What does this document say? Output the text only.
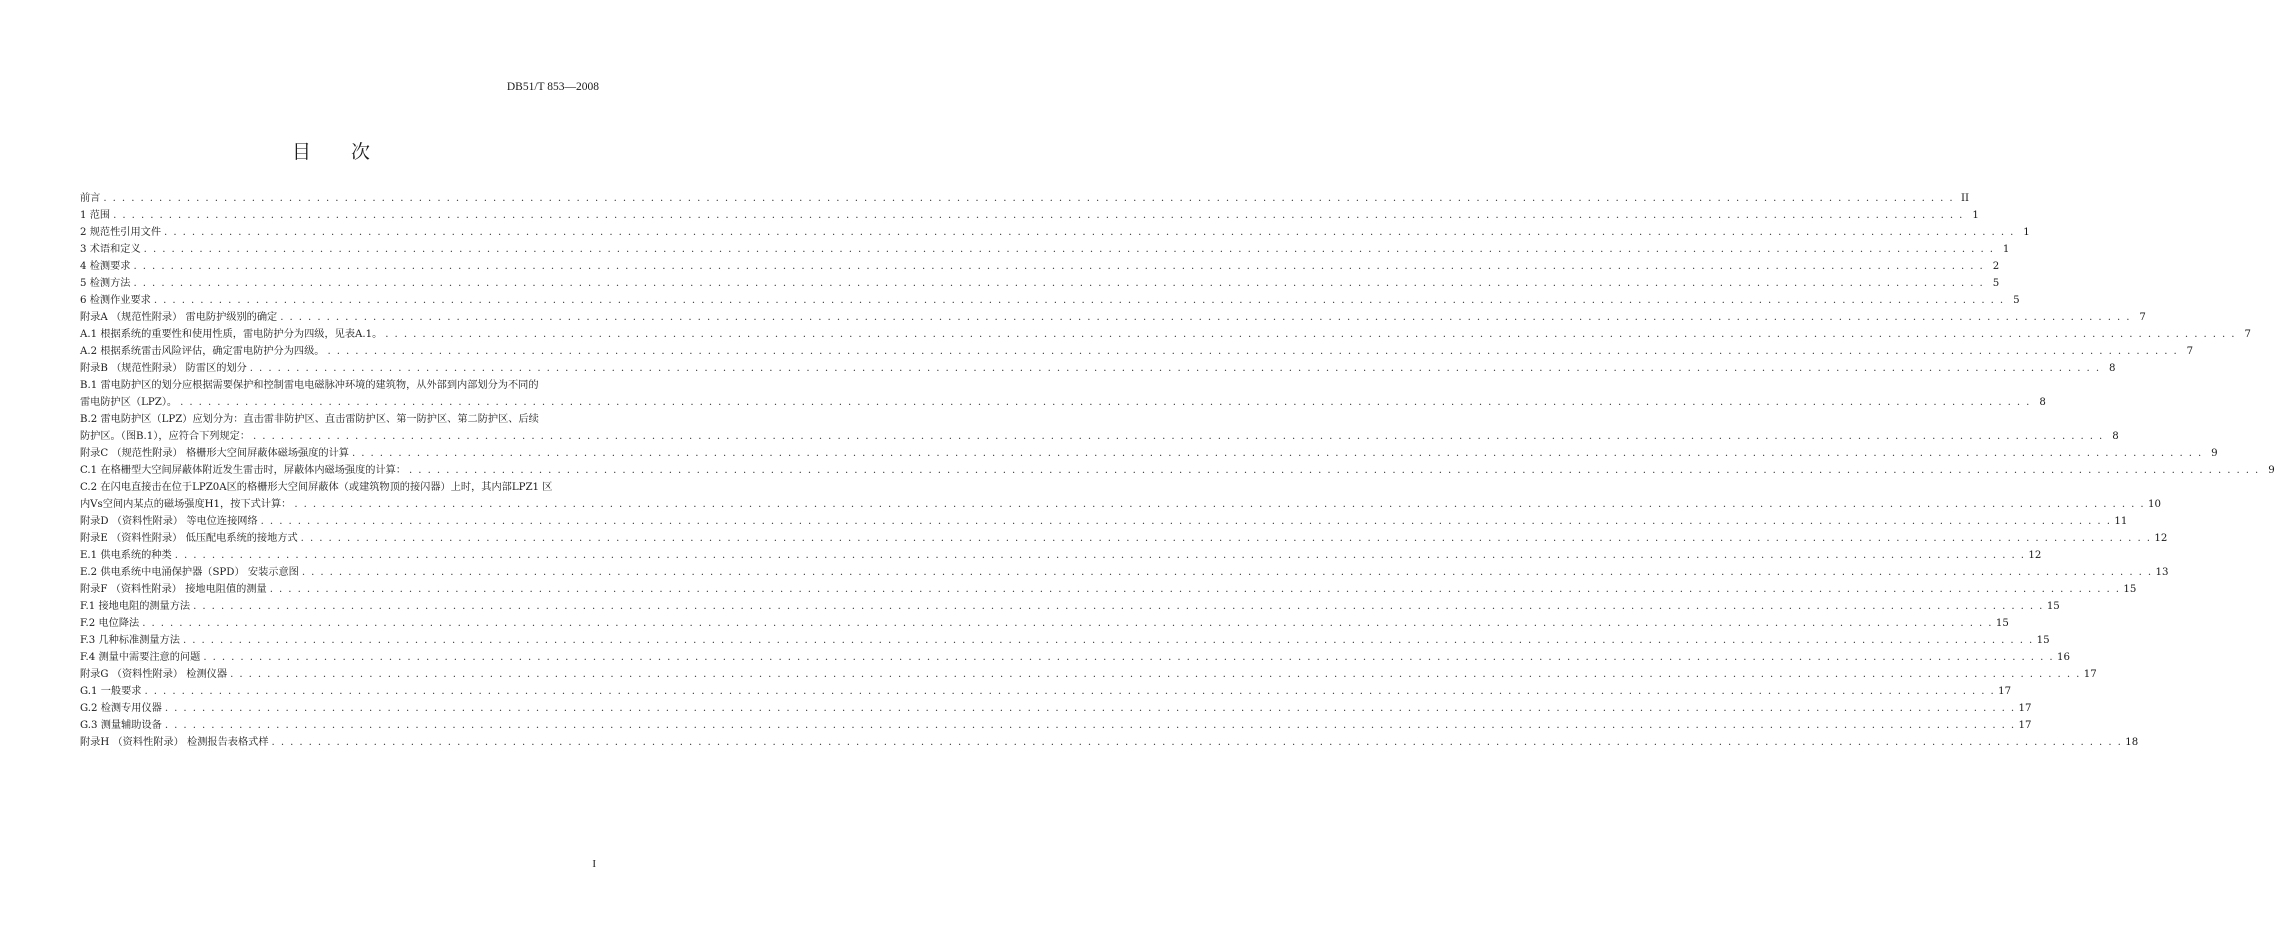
DB51/T 853—2008
目 次
前言 . . . . . . . . . . . . . . . . . . . . . . . . . . . . . . . . . . . . . . . . . . . . . . . . . . . . . . . . . . . . . . . . . . . . . . . . . . . . . . . . . . . . . . . . . . . . . . . . . . . . . . . . . . . . . . . . . . . . . . . . . . . . . . . . . . . . . . . . . . . . . . . . . . . . . . . . . . . . . . . . . . . . . . . . . . . . . . . . . . . . . . . . . . . . . . . . . . . . . . . . II
1 范围 . . . . . . . . . . . . . . . . . . . . . . . . . . . . . . . . . . . . . . . . . . . . . . . . . . . . . . . . . . . . . . . . . . . . . . . . . . . . . . . . . . . . . . . . . . . . . . . . . . . . . . . . . . . . . . . . . . . . . . . . . . . . . . . . . . . . . . . . . . . . . . . . . . . . . . . . . . . . . . . . . . . . . . . . . . . . . . . . . . . . . . . . . . . . . . . . . . . . . . . . 1
2 规范性引用文件 . . . . . . . . . . . . . . . . . . . . . . . . . . . . . . . . . . . . . . . . . . . . . . . . . . . . . . . . . . . . . . . . . . . . . . . . . . . . . . . . . . . . . . . . . . . . . . . . . . . . . . . . . . . . . . . . . . . . . . . . . . . . . . . . . . . . . . . . . . . . . . . . . . . . . . . . . . . . . . . . . . . . . . . . . . . . . . . . . . . . . . . . . . . . . . . . . . . . . . . . 1
3 术语和定义 . . . . . . . . . . . . . . . . . . . . . . . . . . . . . . . . . . . . . . . . . . . . . . . . . . . . . . . . . . . . . . . . . . . . . . . . . . . . . . . . . . . . . . . . . . . . . . . . . . . . . . . . . . . . . . . . . . . . . . . . . . . . . . . . . . . . . . . . . . . . . . . . . . . . . . . . . . . . . . . . . . . . . . . . . . . . . . . . . . . . . . . . . . . . . . . . . . . . . . . . 1
4 检测要求 . . . . . . . . . . . . . . . . . . . . . . . . . . . . . . . . . . . . . . . . . . . . . . . . . . . . . . . . . . . . . . . . . . . . . . . . . . . . . . . . . . . . . . . . . . . . . . . . . . . . . . . . . . . . . . . . . . . . . . . . . . . . . . . . . . . . . . . . . . . . . . . . . . . . . . . . . . . . . . . . . . . . . . . . . . . . . . . . . . . . . . . . . . . . . . . . . . . . . . . . 2
5 检测方法 . . . . . . . . . . . . . . . . . . . . . . . . . . . . . . . . . . . . . . . . . . . . . . . . . . . . . . . . . . . . . . . . . . . . . . . . . . . . . . . . . . . . . . . . . . . . . . . . . . . . . . . . . . . . . . . . . . . . . . . . . . . . . . . . . . . . . . . . . . . . . . . . . . . . . . . . . . . . . . . . . . . . . . . . . . . . . . . . . . . . . . . . . . . . . . . . . . . . . . . . 5
6 检测作业要求 . . . . . . . . . . . . . . . . . . . . . . . . . . . . . . . . . . . . . . . . . . . . . . . . . . . . . . . . . . . . . . . . . . . . . . . . . . . . . . . . . . . . . . . . . . . . . . . . . . . . . . . . . . . . . . . . . . . . . . . . . . . . . . . . . . . . . . . . . . . . . . . . . . . . . . . . . . . . . . . . . . . . . . . . . . . . . . . . . . . . . . . . . . . . . . . . . . . . . . . . 5
附录A （规范性附录） 雷电防护级别的确定 . . . . . . . . . . . . . . . . . . . . . . . . . . . . . . . . . . . . . . . . . . . . . . . . . . . . . . . . . . . . . . . . . . . . . . . . . . . . . . . . . . . . . . . . . . . . . . . . . . . . . . . . . . . . . . . . . . . . . . . . . . . . . . . . . . . . . . . . . . . . . . . . . . . . . . . . . . . . . . . . . . . . . . . . . . . . . . . . . . . . . . . . . . . . . . . . . . . . . . . . 7
A.1 根据系统的重要性和使用性质，雷电防护分为四级，见表A.1。 . . . . . . . . . . . . . . . . . . . . . . . . . . . . . . . . . . . . . . . . . . . . . . . . . . . . . . . . . . . . . . . . . . . . . . . . . . . . . . . . . . . . . . . . . . . . . . . . . . . . . . . . . . . . . . . . . . . . . . . . . . . . . . . . . . . . . . . . . . . . . . . . . . . . . . . . . . . . . . . . . . . . . . . . . . . . . . . . . . . . . . . . . . . . . . . . . . . . . . . . 7
A.2 根据系统雷击风险评估，确定雷电防护分为四级。 . . . . . . . . . . . . . . . . . . . . . . . . . . . . . . . . . . . . . . . . . . . . . . . . . . . . . . . . . . . . . . . . . . . . . . . . . . . . . . . . . . . . . . . . . . . . . . . . . . . . . . . . . . . . . . . . . . . . . . . . . . . . . . . . . . . . . . . . . . . . . . . . . . . . . . . . . . . . . . . . . . . . . . . . . . . . . . . . . . . . . . . . . . . . . . . . . . . . . . . . 7
附录B （规范性附录） 防雷区的划分 . . . . . . . . . . . . . . . . . . . . . . . . . . . . . . . . . . . . . . . . . . . . . . . . . . . . . . . . . . . . . . . . . . . . . . . . . . . . . . . . . . . . . . . . . . . . . . . . . . . . . . . . . . . . . . . . . . . . . . . . . . . . . . . . . . . . . . . . . . . . . . . . . . . . . . . . . . . . . . . . . . . . . . . . . . . . . . . . . . . . . . . . . . . . . . . . . . . . . . . . 8
B.1 雷电防护区的划分应根据需要保护和控制雷电电磁脉冲环境的建筑物，从外部到内部划分为不同的
雷电防护区（LPZ）。 . . . . . . . . . . . . . . . . . . . . . . . . . . . . . . . . . . . . . . . . . . . . . . . . . . . . . . . . . . . . . . . . . . . . . . . . . . . . . . . . . . . . . . . . . . . . . . . . . . . . . . . . . . . . . . . . . . . . . . . . . . . . . . . . . . . . . . . . . . . . . . . . . . . . . . . . . . . . . . . . . . . . . . . . . . . . . . . . . . . . . . . . . . . . . . . . . . . . . . . . 8
B.2 雷电防护区（LPZ）应划分为：直击雷非防护区、直击雷防护区、第一防护区、第二防护区、后续
防护区。（图B.1），应符合下列规定： . . . . . . . . . . . . . . . . . . . . . . . . . . . . . . . . . . . . . . . . . . . . . . . . . . . . . . . . . . . . . . . . . . . . . . . . . . . . . . . . . . . . . . . . . . . . . . . . . . . . . . . . . . . . . . . . . . . . . . . . . . . . . . . . . . . . . . . . . . . . . . . . . . . . . . . . . . . . . . . . . . . . . . . . . . . . . . . . . . . . . . . . . . . . . . . . . . . . . . . . 8
附录C （规范性附录） 格栅形大空间屏蔽体磁场强度的计算 . . . . . . . . . . . . . . . . . . . . . . . . . . . . . . . . . . . . . . . . . . . . . . . . . . . . . . . . . . . . . . . . . . . . . . . . . . . . . . . . . . . . . . . . . . . . . . . . . . . . . . . . . . . . . . . . . . . . . . . . . . . . . . . . . . . . . . . . . . . . . . . . . . . . . . . . . . . . . . . . . . . . . . . . . . . . . . . . . . . . . . . . . . . . . . . . . . . . . . . . 9
C.1 在格栅型大空间屏蔽体附近发生雷击时，屏蔽体内磁场强度的计算： . . . . . . . . . . . . . . . . . . . . . . . . . . . . . . . . . . . . . . . . . . . . . . . . . . . . . . . . . . . . . . . . . . . . . . . . . . . . . . . . . . . . . . . . . . . . . . . . . . . . . . . . . . . . . . . . . . . . . . . . . . . . . . . . . . . . . . . . . . . . . . . . . . . . . . . . . . . . . . . . . . . . . . . . . . . . . . . . . . . . . . . . . . . . . . . . . . . . . . . . 9
C.2 在闪电直接击在位于LPZ0A区的格栅形大空间屏蔽体（或建筑物顶的接闪器）上时，其内部LPZ1 区
内Vs空间内某点的磁场强度H1，按下式计算： . . . . . . . . . . . . . . . . . . . . . . . . . . . . . . . . . . . . . . . . . . . . . . . . . . . . . . . . . . . . . . . . . . . . . . . . . . . . . . . . . . . . . . . . . . . . . . . . . . . . . . . . . . . . . . . . . . . . . . . . . . . . . . . . . . . . . . . . . . . . . . . . . . . . . . . . . . . . . . . . . . . . . . . . . . . . . . . . . . . . . . . . . . . . . . . . . . . . . . . . 10
附录D （资料性附录） 等电位连接网络 . . . . . . . . . . . . . . . . . . . . . . . . . . . . . . . . . . . . . . . . . . . . . . . . . . . . . . . . . . . . . . . . . . . . . . . . . . . . . . . . . . . . . . . . . . . . . . . . . . . . . . . . . . . . . . . . . . . . . . . . . . . . . . . . . . . . . . . . . . . . . . . . . . . . . . . . . . . . . . . . . . . . . . . . . . . . . . . . . . . . . . . . . . . . . . . . . . . . . . . . 11
附录E （资料性附录） 低压配电系统的接地方式 . . . . . . . . . . . . . . . . . . . . . . . . . . . . . . . . . . . . . . . . . . . . . . . . . . . . . . . . . . . . . . . . . . . . . . . . . . . . . . . . . . . . . . . . . . . . . . . . . . . . . . . . . . . . . . . . . . . . . . . . . . . . . . . . . . . . . . . . . . . . . . . . . . . . . . . . . . . . . . . . . . . . . . . . . . . . . . . . . . . . . . . . . . . . . . . . . . . . . . . . 12
E.1 供电系统的种类 . . . . . . . . . . . . . . . . . . . . . . . . . . . . . . . . . . . . . . . . . . . . . . . . . . . . . . . . . . . . . . . . . . . . . . . . . . . . . . . . . . . . . . . . . . . . . . . . . . . . . . . . . . . . . . . . . . . . . . . . . . . . . . . . . . . . . . . . . . . . . . . . . . . . . . . . . . . . . . . . . . . . . . . . . . . . . . . . . . . . . . . . . . . . . . . . . . . . . . . . 12
E.2 供电系统中电涌保护器（SPD） 安装示意图 . . . . . . . . . . . . . . . . . . . . . . . . . . . . . . . . . . . . . . . . . . . . . . . . . . . . . . . . . . . . . . . . . . . . . . . . . . . . . . . . . . . . . . . . . . . . . . . . . . . . . . . . . . . . . . . . . . . . . . . . . . . . . . . . . . . . . . . . . . . . . . . . . . . . . . . . . . . . . . . . . . . . . . . . . . . . . . . . . . . . . . . . . . . . . . . . . . . . . . . . 13
附录F （资料性附录） 接地电阻值的测量 . . . . . . . . . . . . . . . . . . . . . . . . . . . . . . . . . . . . . . . . . . . . . . . . . . . . . . . . . . . . . . . . . . . . . . . . . . . . . . . . . . . . . . . . . . . . . . . . . . . . . . . . . . . . . . . . . . . . . . . . . . . . . . . . . . . . . . . . . . . . . . . . . . . . . . . . . . . . . . . . . . . . . . . . . . . . . . . . . . . . . . . . . . . . . . . . . . . . . . . . 15
F.1 接地电阻的测量方法 . . . . . . . . . . . . . . . . . . . . . . . . . . . . . . . . . . . . . . . . . . . . . . . . . . . . . . . . . . . . . . . . . . . . . . . . . . . . . . . . . . . . . . . . . . . . . . . . . . . . . . . . . . . . . . . . . . . . . . . . . . . . . . . . . . . . . . . . . . . . . . . . . . . . . . . . . . . . . . . . . . . . . . . . . . . . . . . . . . . . . . . . . . . . . . . . . . . . . . . . 15
F.2 电位降法 . . . . . . . . . . . . . . . . . . . . . . . . . . . . . . . . . . . . . . . . . . . . . . . . . . . . . . . . . . . . . . . . . . . . . . . . . . . . . . . . . . . . . . . . . . . . . . . . . . . . . . . . . . . . . . . . . . . . . . . . . . . . . . . . . . . . . . . . . . . . . . . . . . . . . . . . . . . . . . . . . . . . . . . . . . . . . . . . . . . . . . . . . . . . . . . . . . . . . . . . 15
F.3 几种标准测量方法 . . . . . . . . . . . . . . . . . . . . . . . . . . . . . . . . . . . . . . . . . . . . . . . . . . . . . . . . . . . . . . . . . . . . . . . . . . . . . . . . . . . . . . . . . . . . . . . . . . . . . . . . . . . . . . . . . . . . . . . . . . . . . . . . . . . . . . . . . . . . . . . . . . . . . . . . . . . . . . . . . . . . . . . . . . . . . . . . . . . . . . . . . . . . . . . . . . . . . . . . 15
F.4 测量中需要注意的问题 . . . . . . . . . . . . . . . . . . . . . . . . . . . . . . . . . . . . . . . . . . . . . . . . . . . . . . . . . . . . . . . . . . . . . . . . . . . . . . . . . . . . . . . . . . . . . . . . . . . . . . . . . . . . . . . . . . . . . . . . . . . . . . . . . . . . . . . . . . . . . . . . . . . . . . . . . . . . . . . . . . . . . . . . . . . . . . . . . . . . . . . . . . . . . . . . . . . . . . . . 16
附录G （资料性附录） 检测仪器 . . . . . . . . . . . . . . . . . . . . . . . . . . . . . . . . . . . . . . . . . . . . . . . . . . . . . . . . . . . . . . . . . . . . . . . . . . . . . . . . . . . . . . . . . . . . . . . . . . . . . . . . . . . . . . . . . . . . . . . . . . . . . . . . . . . . . . . . . . . . . . . . . . . . . . . . . . . . . . . . . . . . . . . . . . . . . . . . . . . . . . . . . . . . . . . . . . . . . . . . 17
G.1 一般要求 . . . . . . . . . . . . . . . . . . . . . . . . . . . . . . . . . . . . . . . . . . . . . . . . . . . . . . . . . . . . . . . . . . . . . . . . . . . . . . . . . . . . . . . . . . . . . . . . . . . . . . . . . . . . . . . . . . . . . . . . . . . . . . . . . . . . . . . . . . . . . . . . . . . . . . . . . . . . . . . . . . . . . . . . . . . . . . . . . . . . . . . . . . . . . . . . . . . . . . . . 17
G.2 检测专用仪器 . . . . . . . . . . . . . . . . . . . . . . . . . . . . . . . . . . . . . . . . . . . . . . . . . . . . . . . . . . . . . . . . . . . . . . . . . . . . . . . . . . . . . . . . . . . . . . . . . . . . . . . . . . . . . . . . . . . . . . . . . . . . . . . . . . . . . . . . . . . . . . . . . . . . . . . . . . . . . . . . . . . . . . . . . . . . . . . . . . . . . . . . . . . . . . . . . . . . . . . . 17
G.3 测量辅助设备 . . . . . . . . . . . . . . . . . . . . . . . . . . . . . . . . . . . . . . . . . . . . . . . . . . . . . . . . . . . . . . . . . . . . . . . . . . . . . . . . . . . . . . . . . . . . . . . . . . . . . . . . . . . . . . . . . . . . . . . . . . . . . . . . . . . . . . . . . . . . . . . . . . . . . . . . . . . . . . . . . . . . . . . . . . . . . . . . . . . . . . . . . . . . . . . . . . . . . . . . 17
附录H （资料性附录） 检测报告表格式样 . . . . . . . . . . . . . . . . . . . . . . . . . . . . . . . . . . . . . . . . . . . . . . . . . . . . . . . . . . . . . . . . . . . . . . . . . . . . . . . . . . . . . . . . . . . . . . . . . . . . . . . . . . . . . . . . . . . . . . . . . . . . . . . . . . . . . . . . . . . . . . . . . . . . . . . . . . . . . . . . . . . . . . . . . . . . . . . . . . . . . . . . . . . . . . . . . . . . . . . . 18
I
